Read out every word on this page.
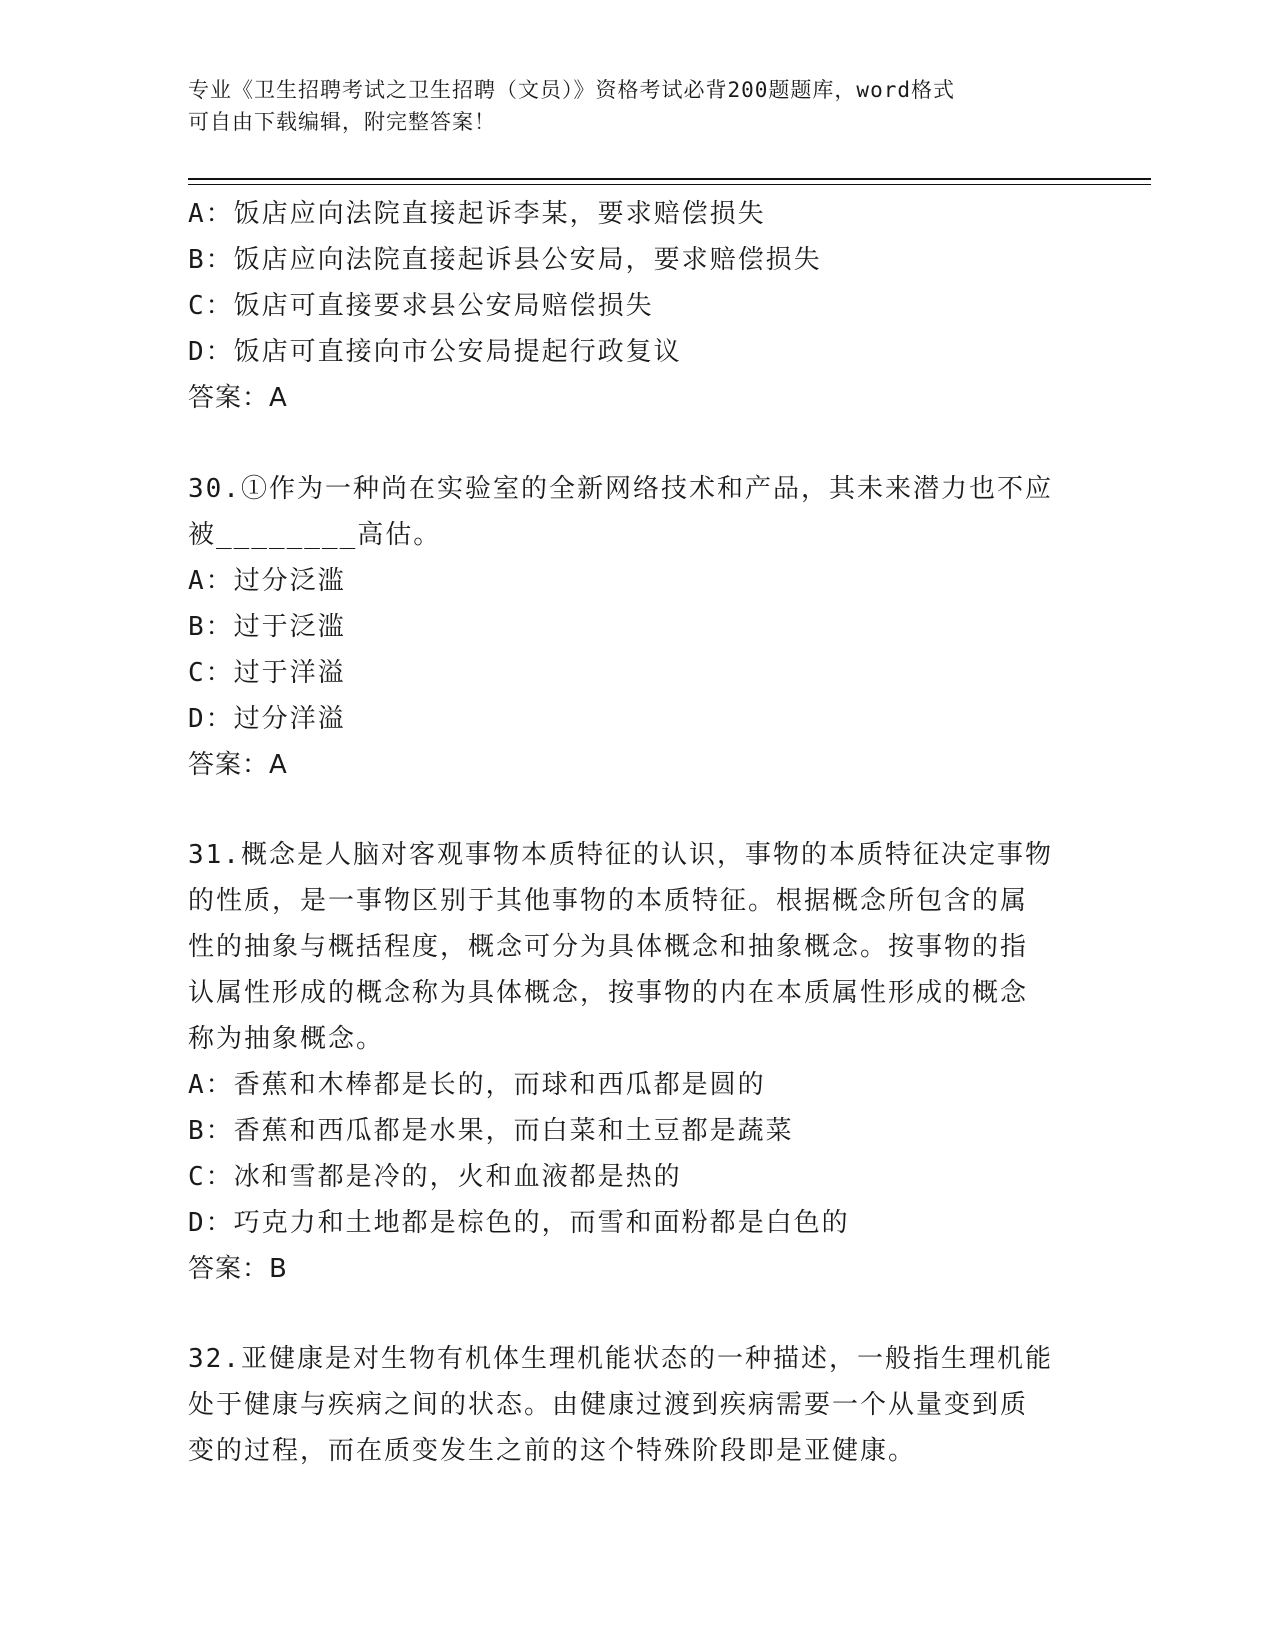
专业《卫生招聘考试之卫生招聘（文员）》资格考试必背200题题库，word格式
可自由下载编辑，附完整答案！
A：饭店应向法院直接起诉李某，要求赔偿损失
B：饭店应向法院直接起诉县公安局，要求赔偿损失
C：饭店可直接要求县公安局赔偿损失
D：饭店可直接向市公安局提起行政复议
答案：A
30.①作为一种尚在实验室的全新网络技术和产品，其未来潜力也不应
被________高估。
A：过分泛滥
B：过于泛滥
C：过于洋溢
D：过分洋溢
答案：A
31.概念是人脑对客观事物本质特征的认识，事物的本质特征决定事物
的性质，是一事物区别于其他事物的本质特征。根据概念所包含的属
性的抽象与概括程度，概念可分为具体概念和抽象概念。按事物的指
认属性形成的概念称为具体概念，按事物的内在本质属性形成的概念
称为抽象概念。
A：香蕉和木棒都是长的，而球和西瓜都是圆的
B：香蕉和西瓜都是水果，而白菜和土豆都是蔬菜
C：冰和雪都是冷的，火和血液都是热的
D：巧克力和土地都是棕色的，而雪和面粉都是白色的
答案：B
32.亚健康是对生物有机体生理机能状态的一种描述，一般指生理机能
处于健康与疾病之间的状态。由健康过渡到疾病需要一个从量变到质
变的过程，而在质变发生之前的这个特殊阶段即是亚健康。
